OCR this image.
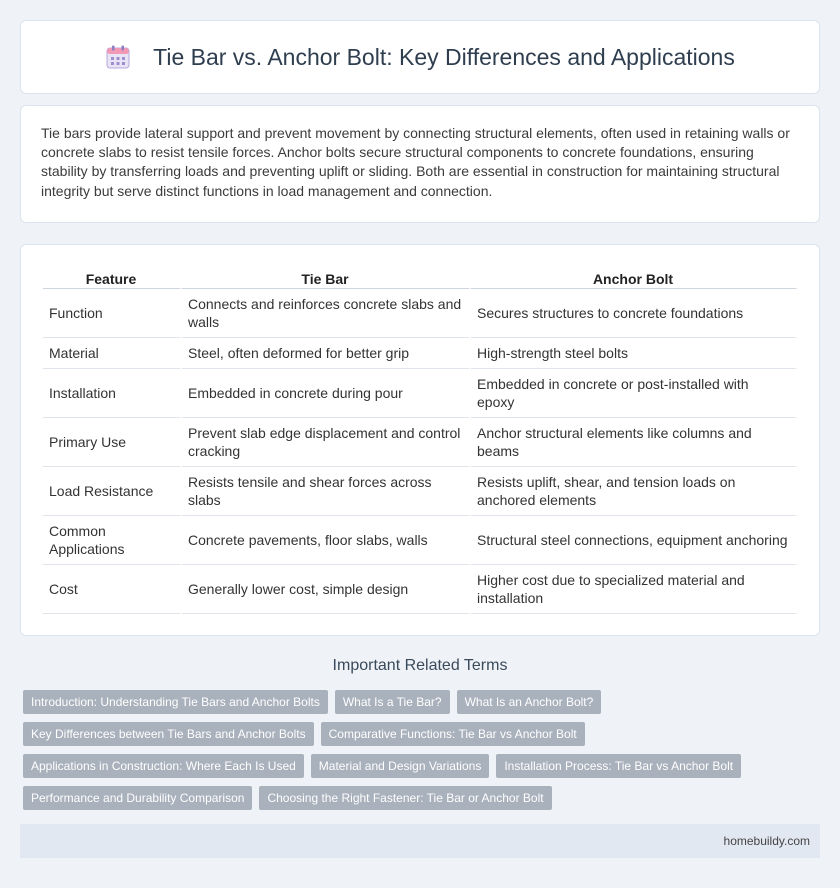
Tie Bar vs. Anchor Bolt: Key Differences and Applications

Tie bars provide lateral support and prevent movement by connecting structural elements, often used in retaining walls or concrete slabs to resist tensile forces. Anchor bolts secure structural components to concrete foundations, ensuring stability by transferring loads and preventing uplift or sliding. Both are essential in construction for maintaining structural integrity but serve distinct functions in load management and connection.

Feature	Tie Bar	Anchor Bolt
Function	Connects and reinforces concrete slabs and walls	Secures structures to concrete foundations
Material	Steel, often deformed for better grip	High-strength steel bolts
Installation	Embedded in concrete during pour	Embedded in concrete or post-installed with epoxy
Primary Use	Prevent slab edge displacement and control cracking	Anchor structural elements like columns and beams
Load Resistance	Resists tensile and shear forces across slabs	Resists uplift, shear, and tension loads on anchored elements
Common Applications	Concrete pavements, floor slabs, walls	Structural steel connections, equipment anchoring
Cost	Generally lower cost, simple design	Higher cost due to specialized material and installation
Important Related Terms
Introduction: Understanding Tie Bars and Anchor Bolts	What Is a Tie Bar?	What Is an Anchor Bolt?
Key Differences between Tie Bars and Anchor Bolts	Comparative Functions: Tie Bar vs Anchor Bolt
Applications in Construction: Where Each Is Used	Material and Design Variations	Installation Process: Tie Bar vs Anchor Bolt
Performance and Durability Comparison	Choosing the Right Fastener: Tie Bar or Anchor Bolt
homebuildy.com
